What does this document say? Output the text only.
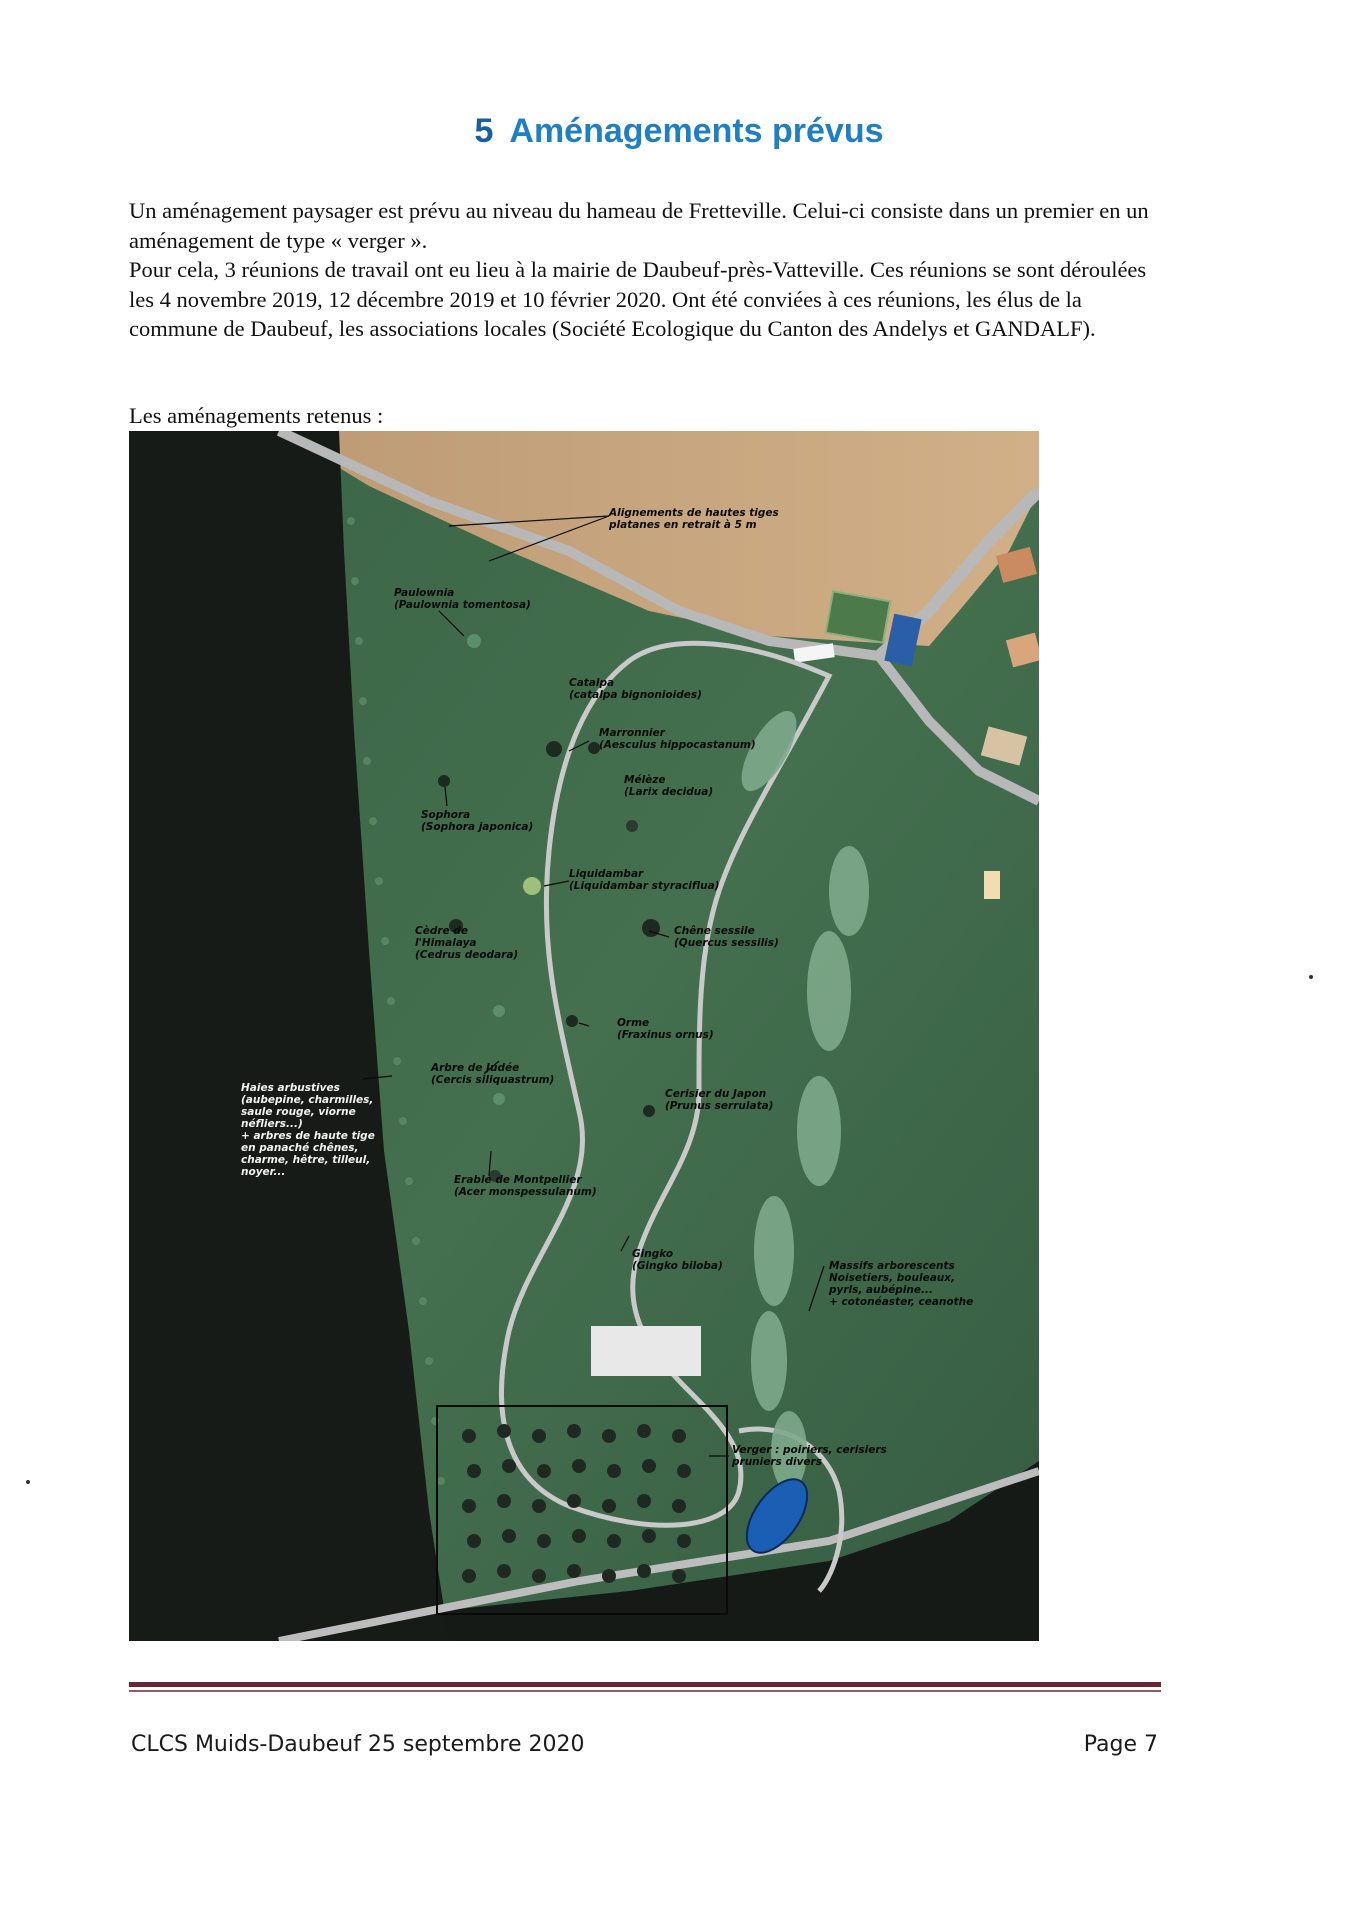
5 Aménagements prévus

Un aménagement paysager est prévu au niveau du hameau de Fretteville. Celui-ci consiste dans un premier en un aménagement de type « verger ».

Pour cela, 3 réunions de travail ont eu lieu à la mairie de Daubeuf-près-Vatteville. Ces réunions se sont déroulées les 4 novembre 2019, 12 décembre 2019 et 10 février 2020. Ont été conviées à ces réunions, les élus de la commune de Daubeuf, les associations locales (Société Ecologique du Canton des Andelys et GANDALF).

Les aménagements retenus :
Alignements de hautes tiges platanes en retrait à 5 m
Paulownia (Paulownia tomentosa)
Catalpa (catalpa bignonioides)
Marronnier (Aesculus hippocastanum)
Mélèze (Larix decidua)
Sophora (Sophora japonica)
Liquidambar (Liquidambar styraciflua)
Cèdre de l'Himalaya (Cedrus deodara)
Chêne sessile (Quercus sessilis)
Orme (Fraxinus ornus)
Arbre de Judée (Cercis siliquastrum)
Cerisier du Japon (Prunus serrulata)
Haies arbustives (aubepine, charmilles, saule rouge, viorne néfliers...) + arbres de haute tige en panaché chênes, charme, hêtre, tilleul, noyer...
Erable de Montpellier (Acer monspessulanum)
Gingko (Gingko biloba)	Massifs arborescents Noisetiers, bouleaux, pyrls, aubépine... + cotonéaster, ceanothe
Verger : poiriers, cerisiers pruniers divers
CLCS Muids-Daubeuf 25 septembre 2020	Page 7
